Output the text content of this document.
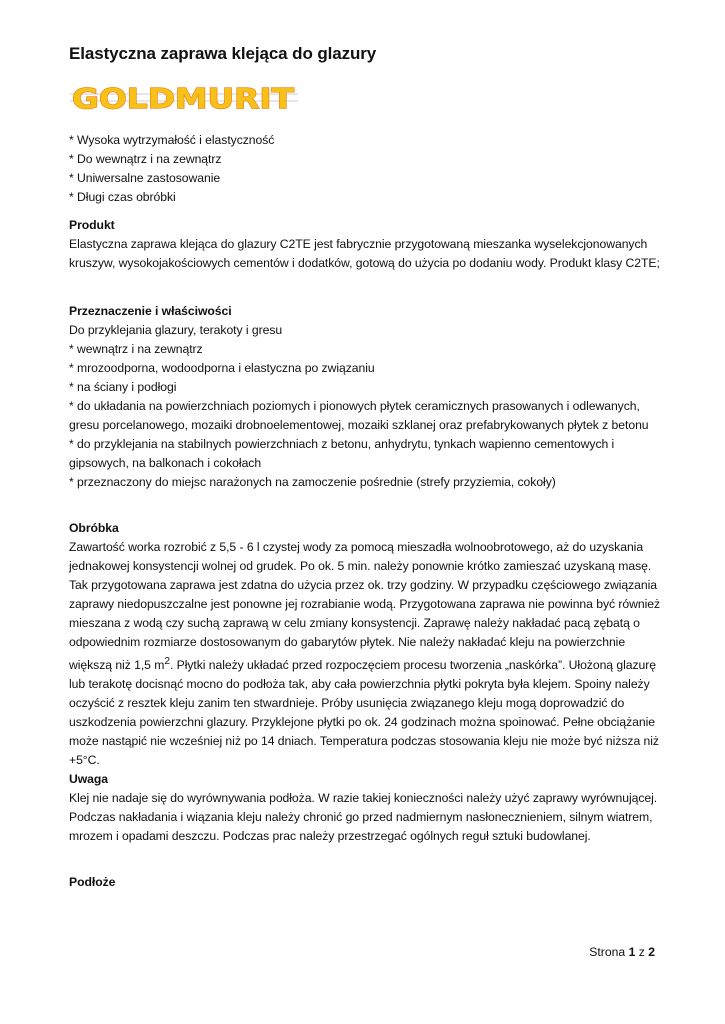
Elastyczna zaprawa klejąca do glazury
GOLDMURIT
* Wysoka wytrzymałość i elastyczność
* Do wewnątrz i na zewnątrz
* Uniwersalne zastosowanie
* Długi czas obróbki

Produkt

Elastyczna zaprawa klejąca do glazury C2TE jest fabrycznie przygotowaną mieszanka wyselekcjonowanych kruszyw, wysokojakościowych cementów i dodatków, gotową do użycia po dodaniu wody. Produkt klasy C2TE;

Przeznaczenie i właściwości

Do przyklejania glazury, terakoty i gresu

* wewnątrz i na zewnątrz
* mrozoodporna, wodoodporna i elastyczna po związaniu
* na ściany i podłogi
* do układania na powierzchniach poziomych i pionowych płytek ceramicznych prasowanych i odlewanych, gresu porcelanowego, mozaiki drobnoelementowej, mozaiki szklanej oraz prefabrykowanych płytek z betonu
* do przyklejania na stabilnych powierzchniach z betonu, anhydrytu, tynkach wapienno cementowych i gipsowych, na balkonach i cokołach
* przeznaczony do miejsc narażonych na zamoczenie pośrednie (strefy przyziemia, cokoły)

Obróbka

Zawartość worka rozrobić z 5,5 - 6 l czystej wody za pomocą mieszadła wolnoobrotowego, aż do uzyskania jednakowej konsystencji wolnej od grudek. Po ok. 5 min. należy ponownie krótko zamieszać uzyskaną masę. Tak przygotowana zaprawa jest zdatna do użycia przez ok. trzy godziny. W przypadku częściowego związania zaprawy niedopuszczalne jest ponowne jej rozrabianie wodą. Przygotowana zaprawa nie powinna być również mieszana z wodą czy suchą zaprawą w celu zmiany konsystencji. Zaprawę należy nakładać pacą zębatą o odpowiednim rozmiarze dostosowanym do gabarytów płytek. Nie należy nakładać kleju na powierzchnie większą niż 1,5 $m^2$. Płytki należy układać przed rozpoczęciem procesu tworzenia „naskórka”. Ułożoną glazurę lub terakotę docisnąć mocno do podłoża tak, aby cała powierzchnia płytki pokryta była klejem. Spoiny należy oczyścić z resztek kleju zanim ten stwardnieje. Próby usunięcia związanego kleju mogą doprowadzić do uszkodzenia powierzchni glazury. Przyklejone płytki po ok. 24 godzinach można spoinować. Pełne obciążanie może nastąpić nie wcześniej niż po 14 dniach. Temperatura podczas stosowania kleju nie może być niższa niż +5°C.

Uwaga

Klej nie nadaje się do wyrównywania podłoża. W razie takiej konieczności należy użyć zaprawy wyrównującej. Podczas nakładania i wiązania kleju należy chronić go przed nadmiernym nasłonecznieniem, silnym wiatrem, mrozem i opadami deszczu. Podczas prac należy przestrzegać ogólnych reguł sztuki budowlanej.

Podłoże

Strona 1 z 2
